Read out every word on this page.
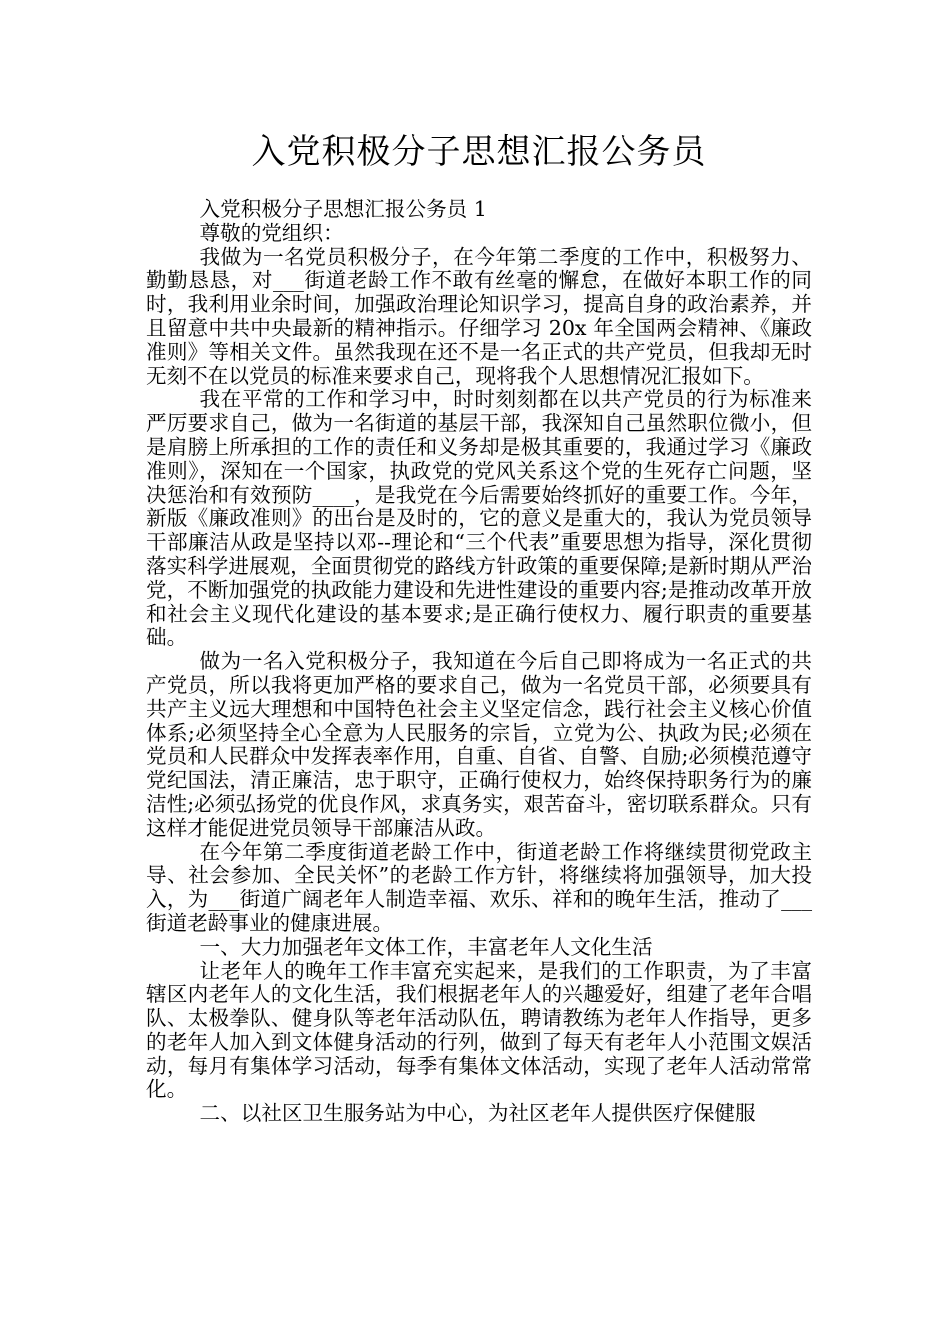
入党积极分子思想汇报公务员

入党积极分子思想汇报公务员 1

尊敬的党组织：

我做为一名党员积极分子，在今年第二季度的工作中，积极努力、勤勤恳恳，对___街道老龄工作不敢有丝毫的懈怠，在做好本职工作的同时，我利用业余时间，加强政治理论知识学习，提高自身的政治素养，并且留意中共中央最新的精神指示。仔细学习 20x 年全国两会精神、《廉政准则》等相关文件。虽然我现在还不是一名正式的共产党员，但我却无时无刻不在以党员的标准来要求自己，现将我个人思想情况汇报如下。

我在平常的工作和学习中，时时刻刻都在以共产党员的行为标准来严厉要求自己，做为一名街道的基层干部，我深知自己虽然职位微小，但是肩膀上所承担的工作的责任和义务却是极其重要的，我通过学习《廉政准则》，深知在一个国家，执政党的党风关系这个党的生死存亡问题，坚决惩治和有效预防____，是我党在今后需要始终抓好的重要工作。今年，新版《廉政准则》的出台是及时的，它的意义是重大的，我认为党员领导干部廉洁从政是坚持以邓--理论和“三个代表”重要思想为指导，深化贯彻落实科学进展观，全面贯彻党的路线方针政策的重要保障;是新时期从严治党，不断加强党的执政能力建设和先进性建设的重要内容;是推动改革开放和社会主义现代化建设的基本要求;是正确行使权力、履行职责的重要基础。

做为一名入党积极分子，我知道在今后自己即将成为一名正式的共产党员，所以我将更加严格的要求自己，做为一名党员干部，必须要具有共产主义远大理想和中国特色社会主义坚定信念，践行社会主义核心价值体系;必须坚持全心全意为人民服务的宗旨，立党为公、执政为民;必须在党员和人民群众中发挥表率作用，自重、自省、自警、自励;必须模范遵守党纪国法，清正廉洁，忠于职守，正确行使权力，始终保持职务行为的廉洁性;必须弘扬党的优良作风，求真务实，艰苦奋斗，密切联系群众。只有这样才能促进党员领导干部廉洁从政。

在今年第二季度街道老龄工作中，街道老龄工作将继续贯彻党政主导、社会参加、全民关怀”的老龄工作方针，将继续将加强领导，加大投入，为___街道广阔老年人制造幸福、欢乐、祥和的晚年生活，推动了___街道老龄事业的健康进展。

一、大力加强老年文体工作，丰富老年人文化生活

让老年人的晚年工作丰富充实起来，是我们的工作职责，为了丰富辖区内老年人的文化生活，我们根据老年人的兴趣爱好，组建了老年合唱队、太极拳队、健身队等老年活动队伍，聘请教练为老年人作指导，更多的老年人加入到文体健身活动的行列，做到了每天有老年人小范围文娱活动，每月有集体学习活动，每季有集体文体活动，实现了老年人活动常常化。

二、以社区卫生服务站为中心，为社区老年人提供医疗保健服
